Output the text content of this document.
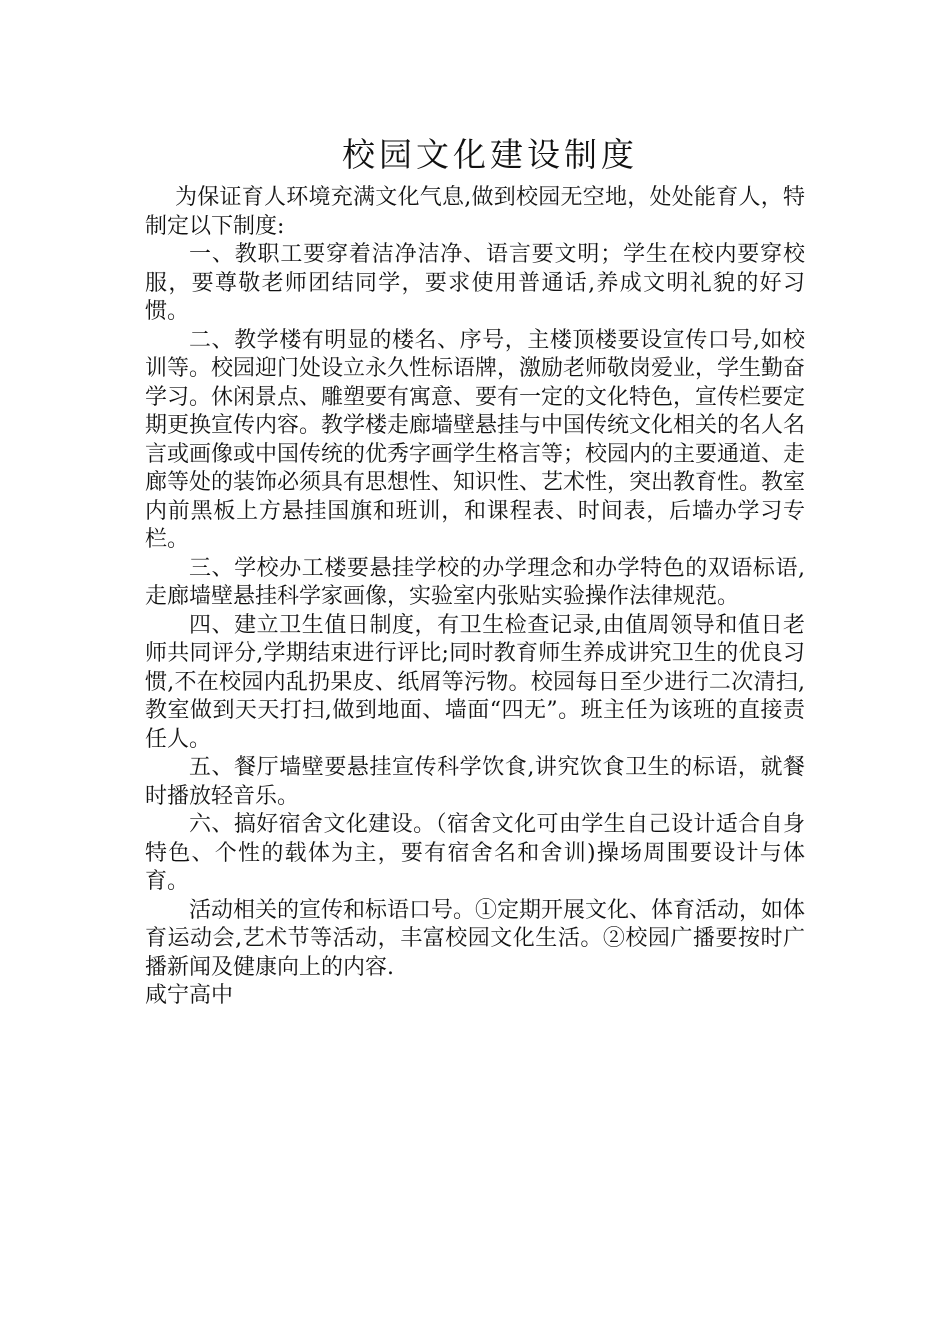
校园文化建设制度

为保证育人环境充满文化气息,做到校园无空地，处处能育人，特制定以下制度:

一、教职工要穿着洁净洁净、语言要文明；学生在校内要穿校服，要尊敬老师团结同学，要求使用普通话,养成文明礼貌的好习惯。

二、教学楼有明显的楼名、序号，主楼顶楼要设宣传口号,如校训等。校园迎门处设立永久性标语牌，激励老师敬岗爱业，学生勤奋学习。休闲景点、雕塑要有寓意、要有一定的文化特色，宣传栏要定期更换宣传内容。教学楼走廊墙壁悬挂与中国传统文化相关的名人名言或画像或中国传统的优秀字画学生格言等；校园内的主要通道、走廊等处的装饰必须具有思想性、知识性、艺术性，突出教育性。教室内前黑板上方悬挂国旗和班训，和课程表、时间表，后墙办学习专栏。

三、学校办工楼要悬挂学校的办学理念和办学特色的双语标语,走廊墙壁悬挂科学家画像，实验室内张贴实验操作法律规范。

四、建立卫生值日制度，有卫生检查记录,由值周领导和值日老师共同评分,学期结束进行评比;同时教育师生养成讲究卫生的优良习惯,不在校园内乱扔果皮、纸屑等污物。校园每日至少进行二次清扫,教室做到天天打扫,做到地面、墙面“四无”。班主任为该班的直接责任人。

五、餐厅墙壁要悬挂宣传科学饮食,讲究饮食卫生的标语，就餐时播放轻音乐。

六、搞好宿舍文化建设。（宿舍文化可由学生自己设计适合自身特色、个性的载体为主，要有宿舍名和舍训)操场周围要设计与体育。

活动相关的宣传和标语口号。①定期开展文化、体育活动，如体育运动会,艺术节等活动，丰富校园文化生活。②校园广播要按时广播新闻及健康向上的内容.

咸宁高中
